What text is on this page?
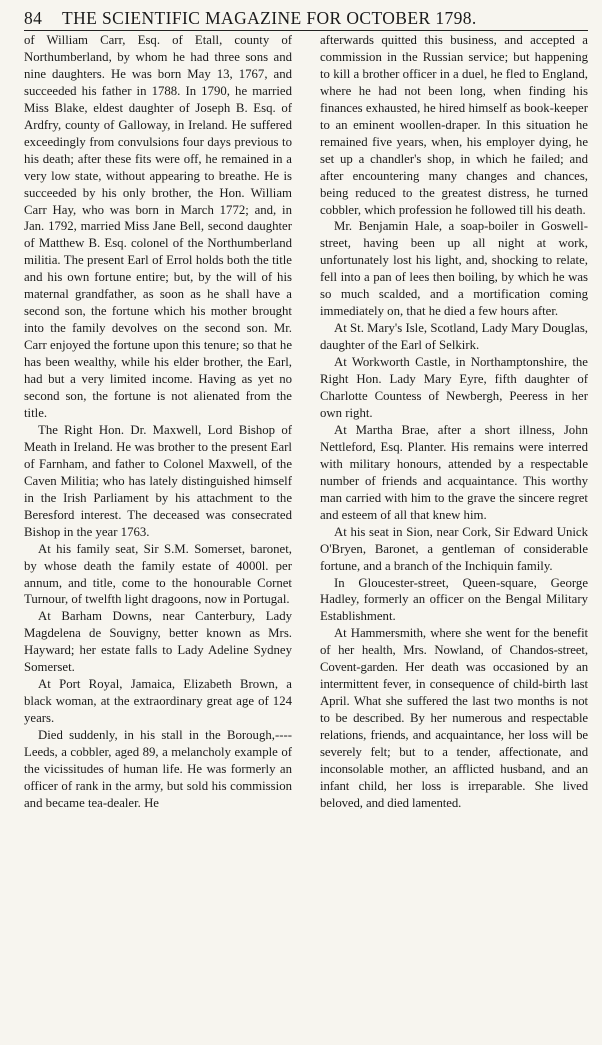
84 THE SCIENTIFIC MAGAZINE FOR OCTOBER 1798.

of William Carr, Esq. of Etall, county of Northumberland, by whom he had three sons and nine daughters. He was born May 13, 1767, and succeeded his father in 1788. In 1790, he married Miss Blake, eldest daughter of Joseph B. Esq. of Ardfry, county of Galloway, in Ireland. He suffered exceedingly from convulsions four days previous to his death; after these fits were off, he remained in a very low state, without appearing to breathe. He is succeeded by his only brother, the Hon. William Carr Hay, who was born in March 1772; and, in Jan. 1792, married Miss Jane Bell, second daughter of Matthew B. Esq. colonel of the Northumberland militia. The present Earl of Errol holds both the title and his own fortune entire; but, by the will of his maternal grandfather, as soon as he shall have a second son, the fortune which his mother brought into the family devolves on the second son. Mr. Carr enjoyed the fortune upon this tenure; so that he has been wealthy, while his elder brother, the Earl, had but a very limited income. Having as yet no second son, the fortune is not alienated from the title.

The Right Hon. Dr. Maxwell, Lord Bishop of Meath in Ireland. He was brother to the present Earl of Farnham, and father to Colonel Maxwell, of the Caven Militia; who has lately distinguished himself in the Irish Parliament by his attachment to the Beresford interest. The deceased was consecrated Bishop in the year 1763.

At his family seat, Sir S.M. Somerset, baronet, by whose death the family estate of 4000l. per annum, and title, come to the honourable Cornet Turnour, of twelfth light dragoons, now in Portugal.

At Barham Downs, near Canterbury, Lady Magdelena de Souvigny, better known as Mrs. Hayward; her estate falls to Lady Adeline Sydney Somerset.

At Port Royal, Jamaica, Elizabeth Brown, a black woman, at the extraordinary great age of 124 years.

Died suddenly, in his stall in the Borough,----Leeds, a cobbler, aged 89, a melancholy example of the vicissitudes of human life. He was formerly an officer of rank in the army, but sold his commission and became tea-dealer. He

afterwards quitted this business, and accepted a commission in the Russian service; but happening to kill a brother officer in a duel, he fled to England, where he had not been long, when finding his finances exhausted, he hired himself as book-keeper to an eminent woollen-draper. In this situation he remained five years, when, his employer dying, he set up a chandler's shop, in which he failed; and after encountering many changes and chances, being reduced to the greatest distress, he turned cobbler, which profession he followed till his death.

Mr. Benjamin Hale, a soap-boiler in Goswell-street, having been up all night at work, unfortunately lost his light, and, shocking to relate, fell into a pan of lees then boiling, by which he was so much scalded, and a mortification coming immediately on, that he died a few hours after.

At St. Mary's Isle, Scotland, Lady Mary Douglas, daughter of the Earl of Selkirk.

At Workworth Castle, in Northamptonshire, the Right Hon. Lady Mary Eyre, fifth daughter of Charlotte Countess of Newbergh, Peeress in her own right.

At Martha Brae, after a short illness, John Nettleford, Esq. Planter. His remains were interred with military honours, attended by a respectable number of friends and acquaintance. This worthy man carried with him to the grave the sincere regret and esteem of all that knew him.

At his seat in Sion, near Cork, Sir Edward Unick O'Bryen, Baronet, a gentleman of considerable fortune, and a branch of the Inchiquin family.

In Gloucester-street, Queen-square, George Hadley, formerly an officer on the Bengal Military Establishment.

At Hammersmith, where she went for the benefit of her health, Mrs. Nowland, of Chandos-street, Covent-garden. Her death was occasioned by an intermittent fever, in consequence of child-birth last April. What she suffered the last two months is not to be described. By her numerous and respectable relations, friends, and acquaintance, her loss will be severely felt; but to a tender, affectionate, and inconsolable mother, an afflicted husband, and an infant child, her loss is irreparable. She lived beloved, and died lamented.
